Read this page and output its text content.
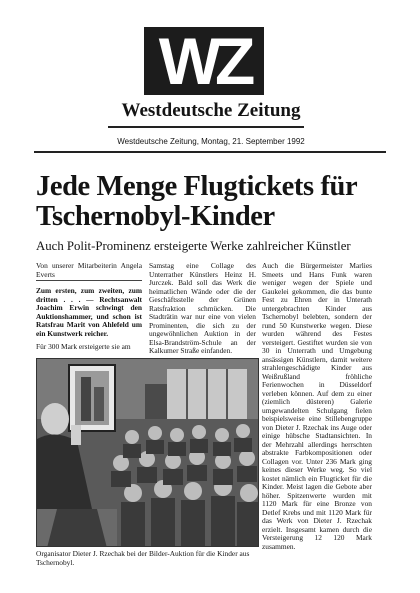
WZ
Westdeutsche Zeitung
Westdeutsche Zeitung, Montag, 21. September 1992
Jede Menge Flugtickets für Tschernobyl-Kinder
Auch Polit-Prominenz ersteigerte Werke zahlreicher Künstler
Von unserer Mitarbeiterin Angela Everts
Zum ersten, zum zweiten, zum dritten . . . — Rechtsanwalt Joachim Erwin schwingt den Auktionshammer, und schon ist Ratsfrau Marit von Ahlefeld um ein Kunstwerk reicher.
Für 300 Mark ersteigerte sie am
Organisator Dieter J. Rzechak bei der Bilder-Auktion für die Kinder aus Tschernobyl.

Samstag eine Collage des Unterrather Künstlers Heinz H. Jurczek. Bald soll das Werk die heimatlichen Wände oder die der Geschäftsstelle der Grünen Ratsfraktion schmücken. Die Stadträtin war nur eine von vielen Prominenten, die sich zu der ungewöhnlichen Auktion in der Elsa-Brandström-Schule an der Kalkumer Straße einfanden.

Auch die Bürgermeister Marlies Smeets und Hans Funk waren weniger wegen der Spiele und Gaukelei gekommen, die das bunte Fest zu Ehren der in Unterath untergebrachten Kinder aus Tschernobyl belebten, sondern der rund 50 Kunstwerke wegen. Diese wurden während des Festes versteigert. Gestiftet wurden sie von 30 in Unterrath und Umgebung ansässigen Künstlern, damit weitere strahlengeschädigte Kinder aus Weißrußland fröhliche Ferienwochen in Düsseldorf verleben können. Auf dem zu einer (ziemlich düsteren) Galerie umgewandelten Schulgang fielen beispielsweise eine Stillebengruppe von Dieter J. Rzechak ins Auge oder einige hübsche Stadtansichten. In der Mehrzahl allerdings herrschten abstrakte Farbkompositionen oder Collagen vor. Unter 236 Mark ging keines dieser Werke weg. So viel kostet nämlich ein Flugticket für die Kinder. Meist lagen die Gebote aber höher. Spitzenwerte wurden mit 1120 Mark für eine Bronze von Detlef Krebs und mit 1120 Mark für das Werk von Dieter J. Rzechak erzielt. Insgesamt kamen durch die Versteigerung 12 120 Mark zusammen.
